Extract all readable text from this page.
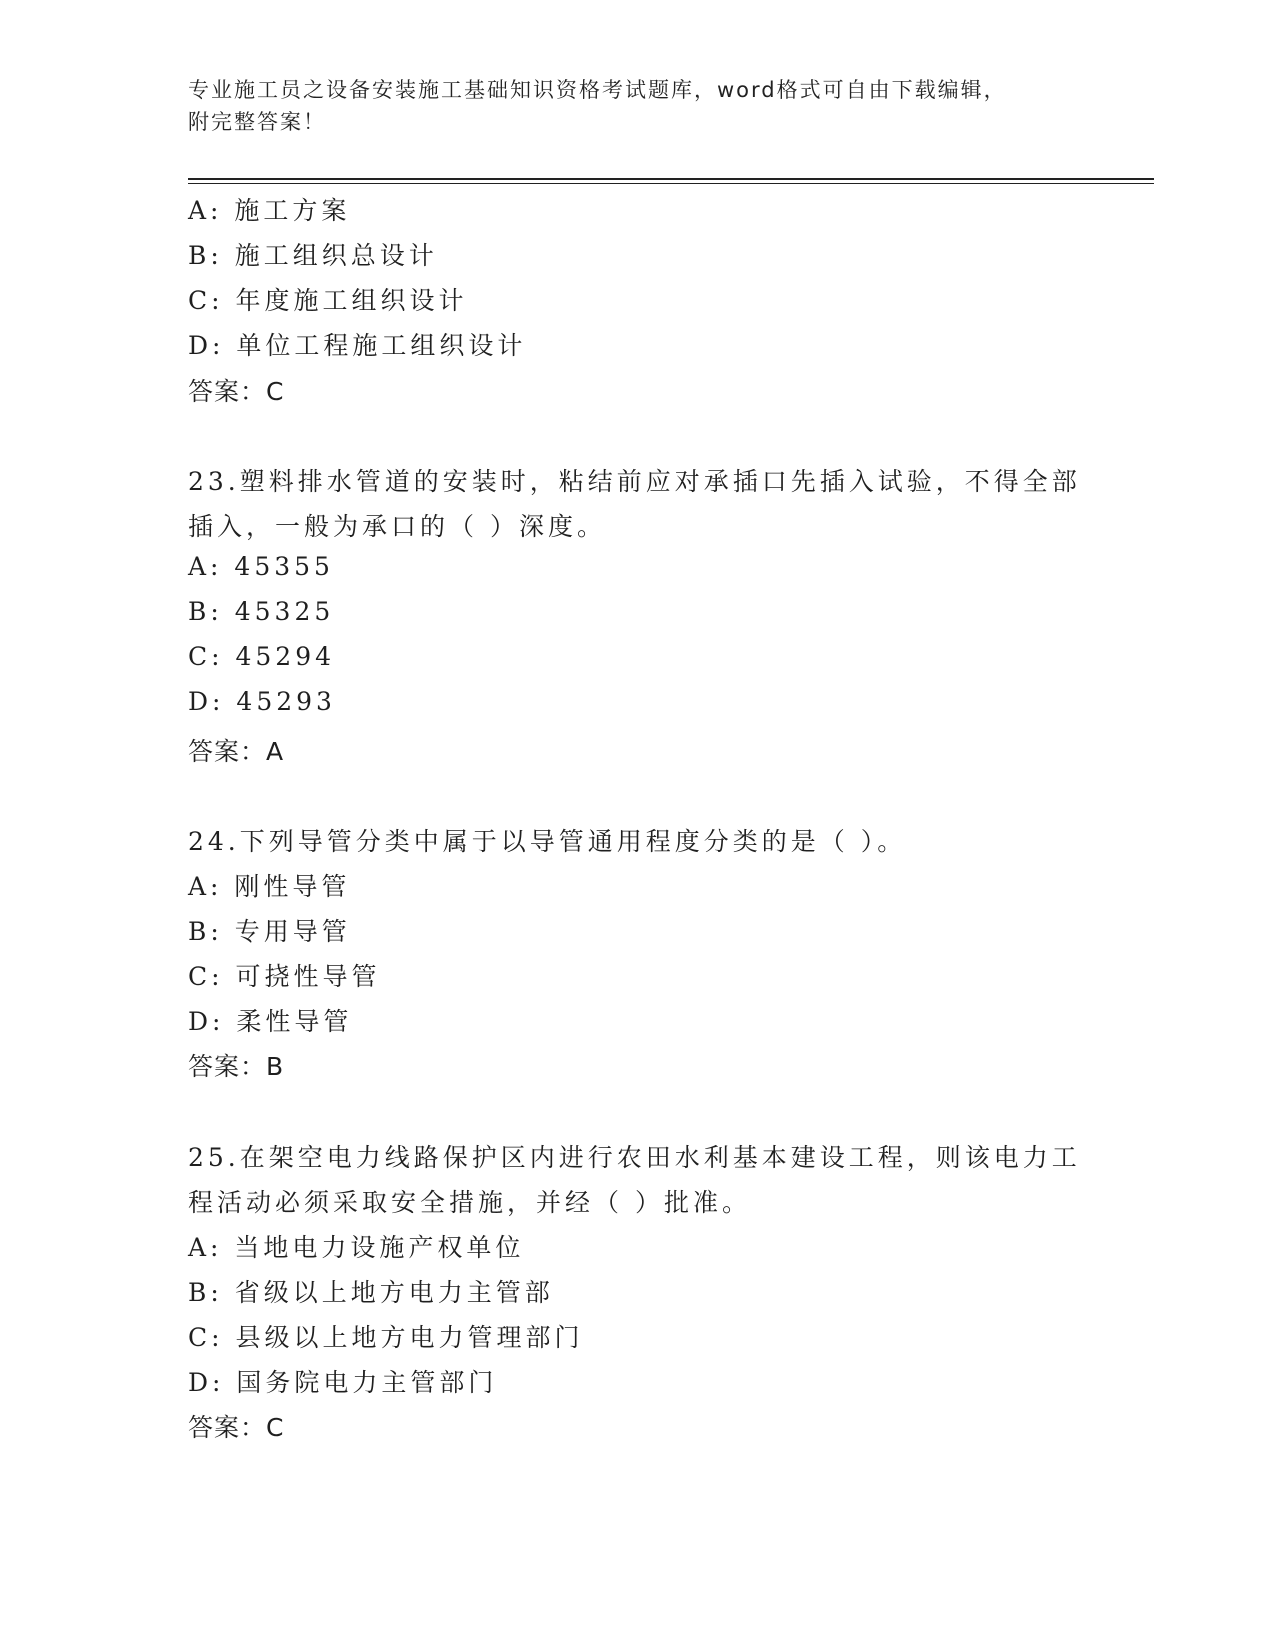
专业施工员之设备安装施工基础知识资格考试题库，word格式可自由下载编辑，
附完整答案！
A: 施工方案
B: 施工组织总设计
C: 年度施工组织设计
D: 单位工程施工组织设计
答案：C
23.塑料排水管道的安装时，粘结前应对承插口先插入试验，不得全部
插入，一般为承口的（ ）深度。
A: 45355
B: 45325
C: 45294
D: 45293
答案：A
24.下列导管分类中属于以导管通用程度分类的是（ ）。
A: 刚性导管
B: 专用导管
C: 可挠性导管
D: 柔性导管
答案：B
25.在架空电力线路保护区内进行农田水利基本建设工程，则该电力工
程活动必须采取安全措施，并经（ ）批准。
A: 当地电力设施产权单位
B: 省级以上地方电力主管部
C: 县级以上地方电力管理部门
D: 国务院电力主管部门
答案：C
